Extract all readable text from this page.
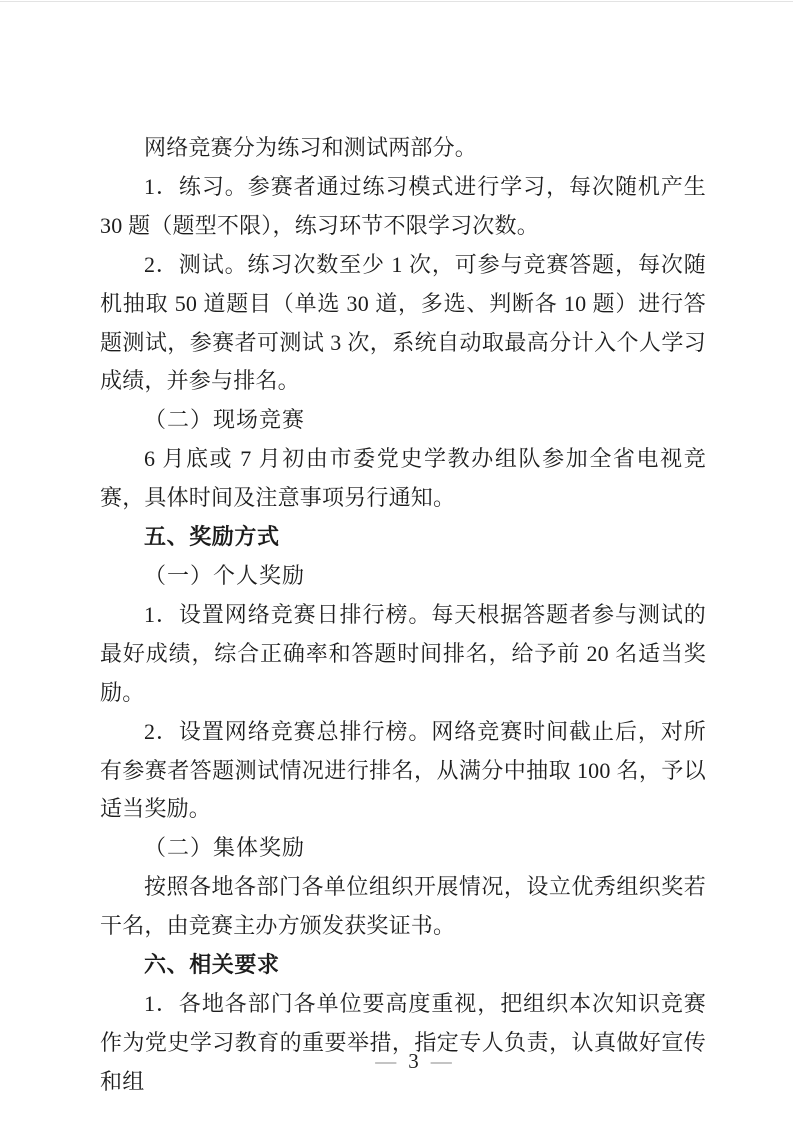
网络竞赛分为练习和测试两部分。

1．练习。参赛者通过练习模式进行学习，每次随机产生 30 题（题型不限），练习环节不限学习次数。

2．测试。练习次数至少 1 次，可参与竞赛答题，每次随机抽取 50 道题目（单选 30 道，多选、判断各 10 题）进行答题测试，参赛者可测试 3 次，系统自动取最高分计入个人学习成绩，并参与排名。

（二）现场竞赛

6 月底或 7 月初由市委党史学教办组队参加全省电视竞赛，具体时间及注意事项另行通知。

五、奖励方式

（一）个人奖励

1．设置网络竞赛日排行榜。每天根据答题者参与测试的最好成绩，综合正确率和答题时间排名，给予前 20 名适当奖励。

2．设置网络竞赛总排行榜。网络竞赛时间截止后，对所有参赛者答题测试情况进行排名，从满分中抽取 100 名，予以适当奖励。

（二）集体奖励

按照各地各部门各单位组织开展情况，设立优秀组织奖若干名，由竞赛主办方颁发获奖证书。

六、相关要求

1．各地各部门各单位要高度重视，把组织本次知识竞赛作为党史学习教育的重要举措，指定专人负责，认真做好宣传和组

— 3 —
